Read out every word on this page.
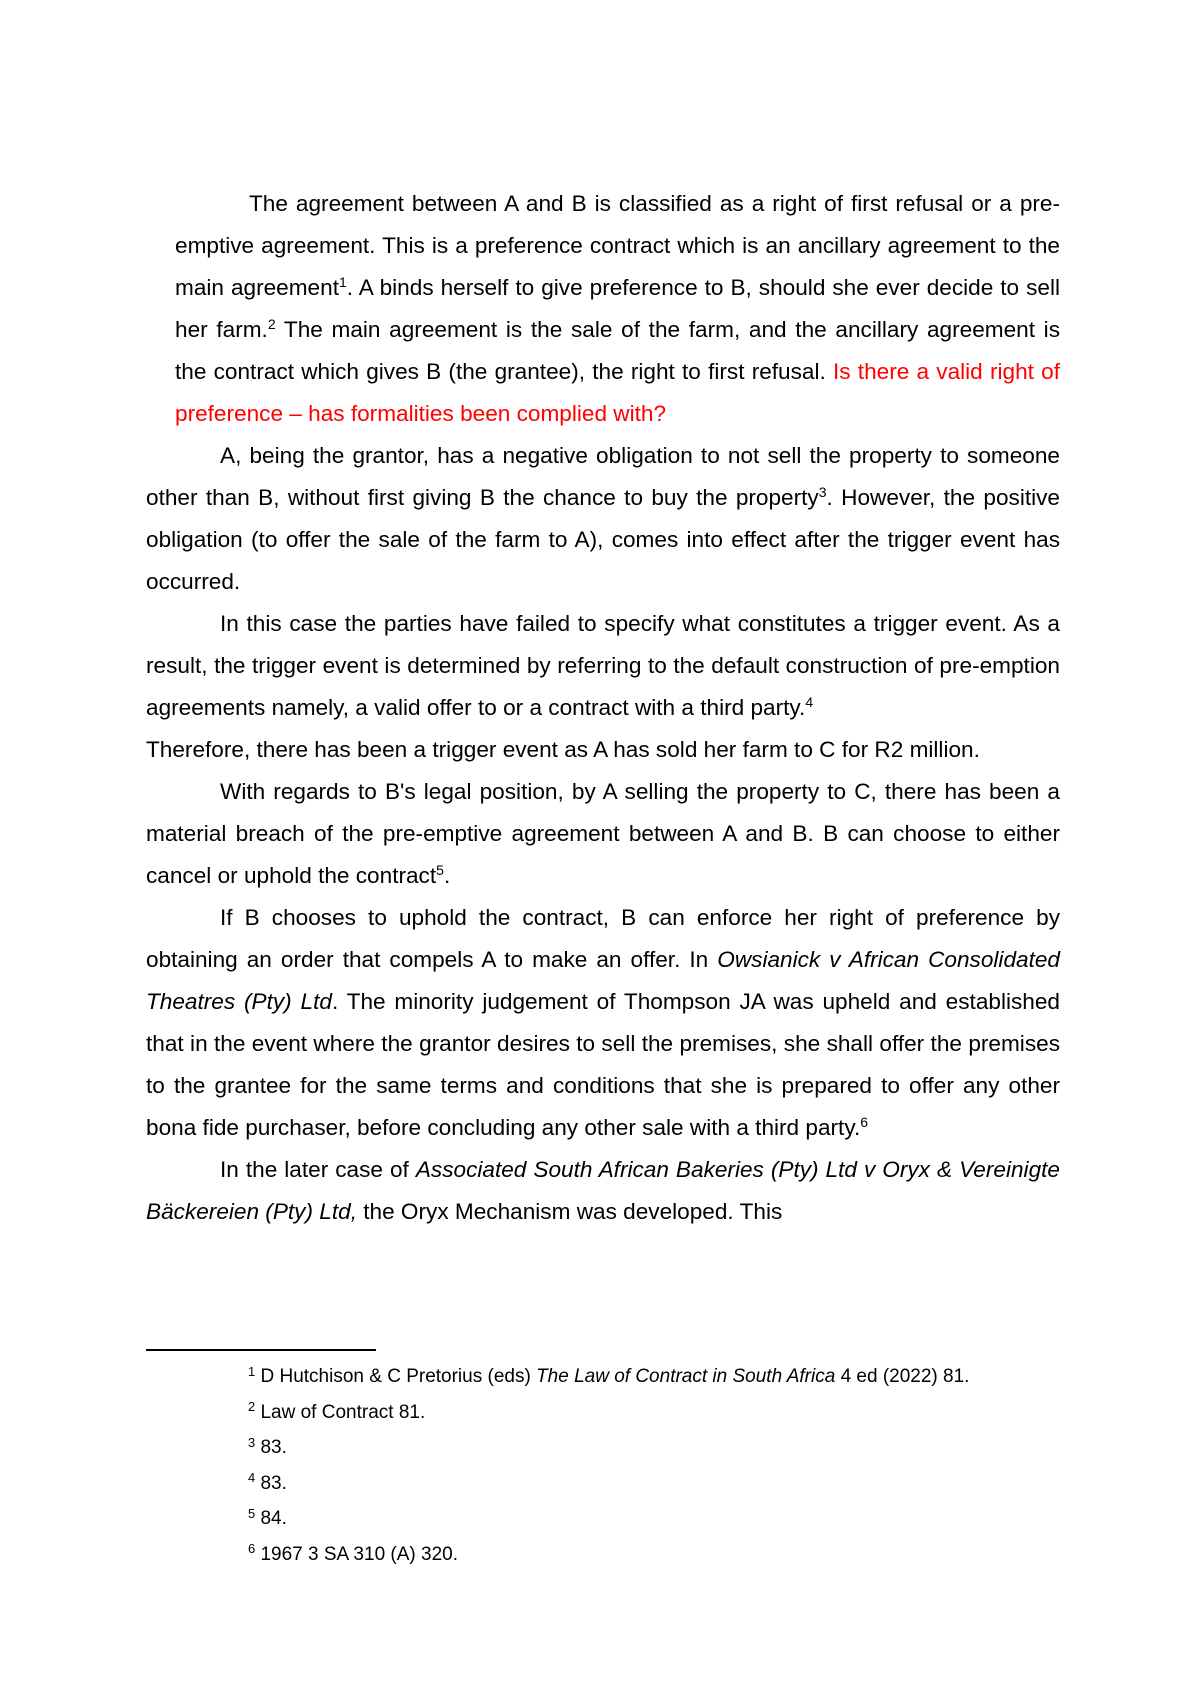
The agreement between A and B is classified as a right of first refusal or a pre-emptive agreement. This is a preference contract which is an ancillary agreement to the main agreement$^1$. A binds herself to give preference to B, should she ever decide to sell her farm.$^2$ The main agreement is the sale of the farm, and the ancillary agreement is the contract which gives B (the grantee), the right to first refusal. Is there a valid right of preference – has formalities been complied with?

A, being the grantor, has a negative obligation to not sell the property to someone other than B, without first giving B the chance to buy the property$^3$. However, the positive obligation (to offer the sale of the farm to A), comes into effect after the trigger event has occurred.

In this case the parties have failed to specify what constitutes a trigger event. As a result, the trigger event is determined by referring to the default construction of pre-emption agreements namely, a valid offer to or a contract with a third party.$^4$
Therefore, there has been a trigger event as A has sold her farm to C for R2 million.

With regards to B's legal position, by A selling the property to C, there has been a material breach of the pre-emptive agreement between A and B. B can choose to either cancel or uphold the contract$^5$.

If B chooses to uphold the contract, B can enforce her right of preference by obtaining an order that compels A to make an offer. In Owsianick v African Consolidated Theatres (Pty) Ltd. The minority judgement of Thompson JA was upheld and established that in the event where the grantor desires to sell the premises, she shall offer the premises to the grantee for the same terms and conditions that she is prepared to offer any other bona fide purchaser, before concluding any other sale with a third party.$^6$

In the later case of Associated South African Bakeries (Pty) Ltd v Oryx & Vereinigte Bäckereien (Pty) Ltd, the Oryx Mechanism was developed. This

$^1$ D Hutchison & C Pretorius (eds) The Law of Contract in South Africa 4 ed (2022) 81.

$^2$ Law of Contract 81.

$^3$ 83.

$^4$ 83.

$^5$ 84.

$^6$ 1967 3 SA 310 (A) 320.
